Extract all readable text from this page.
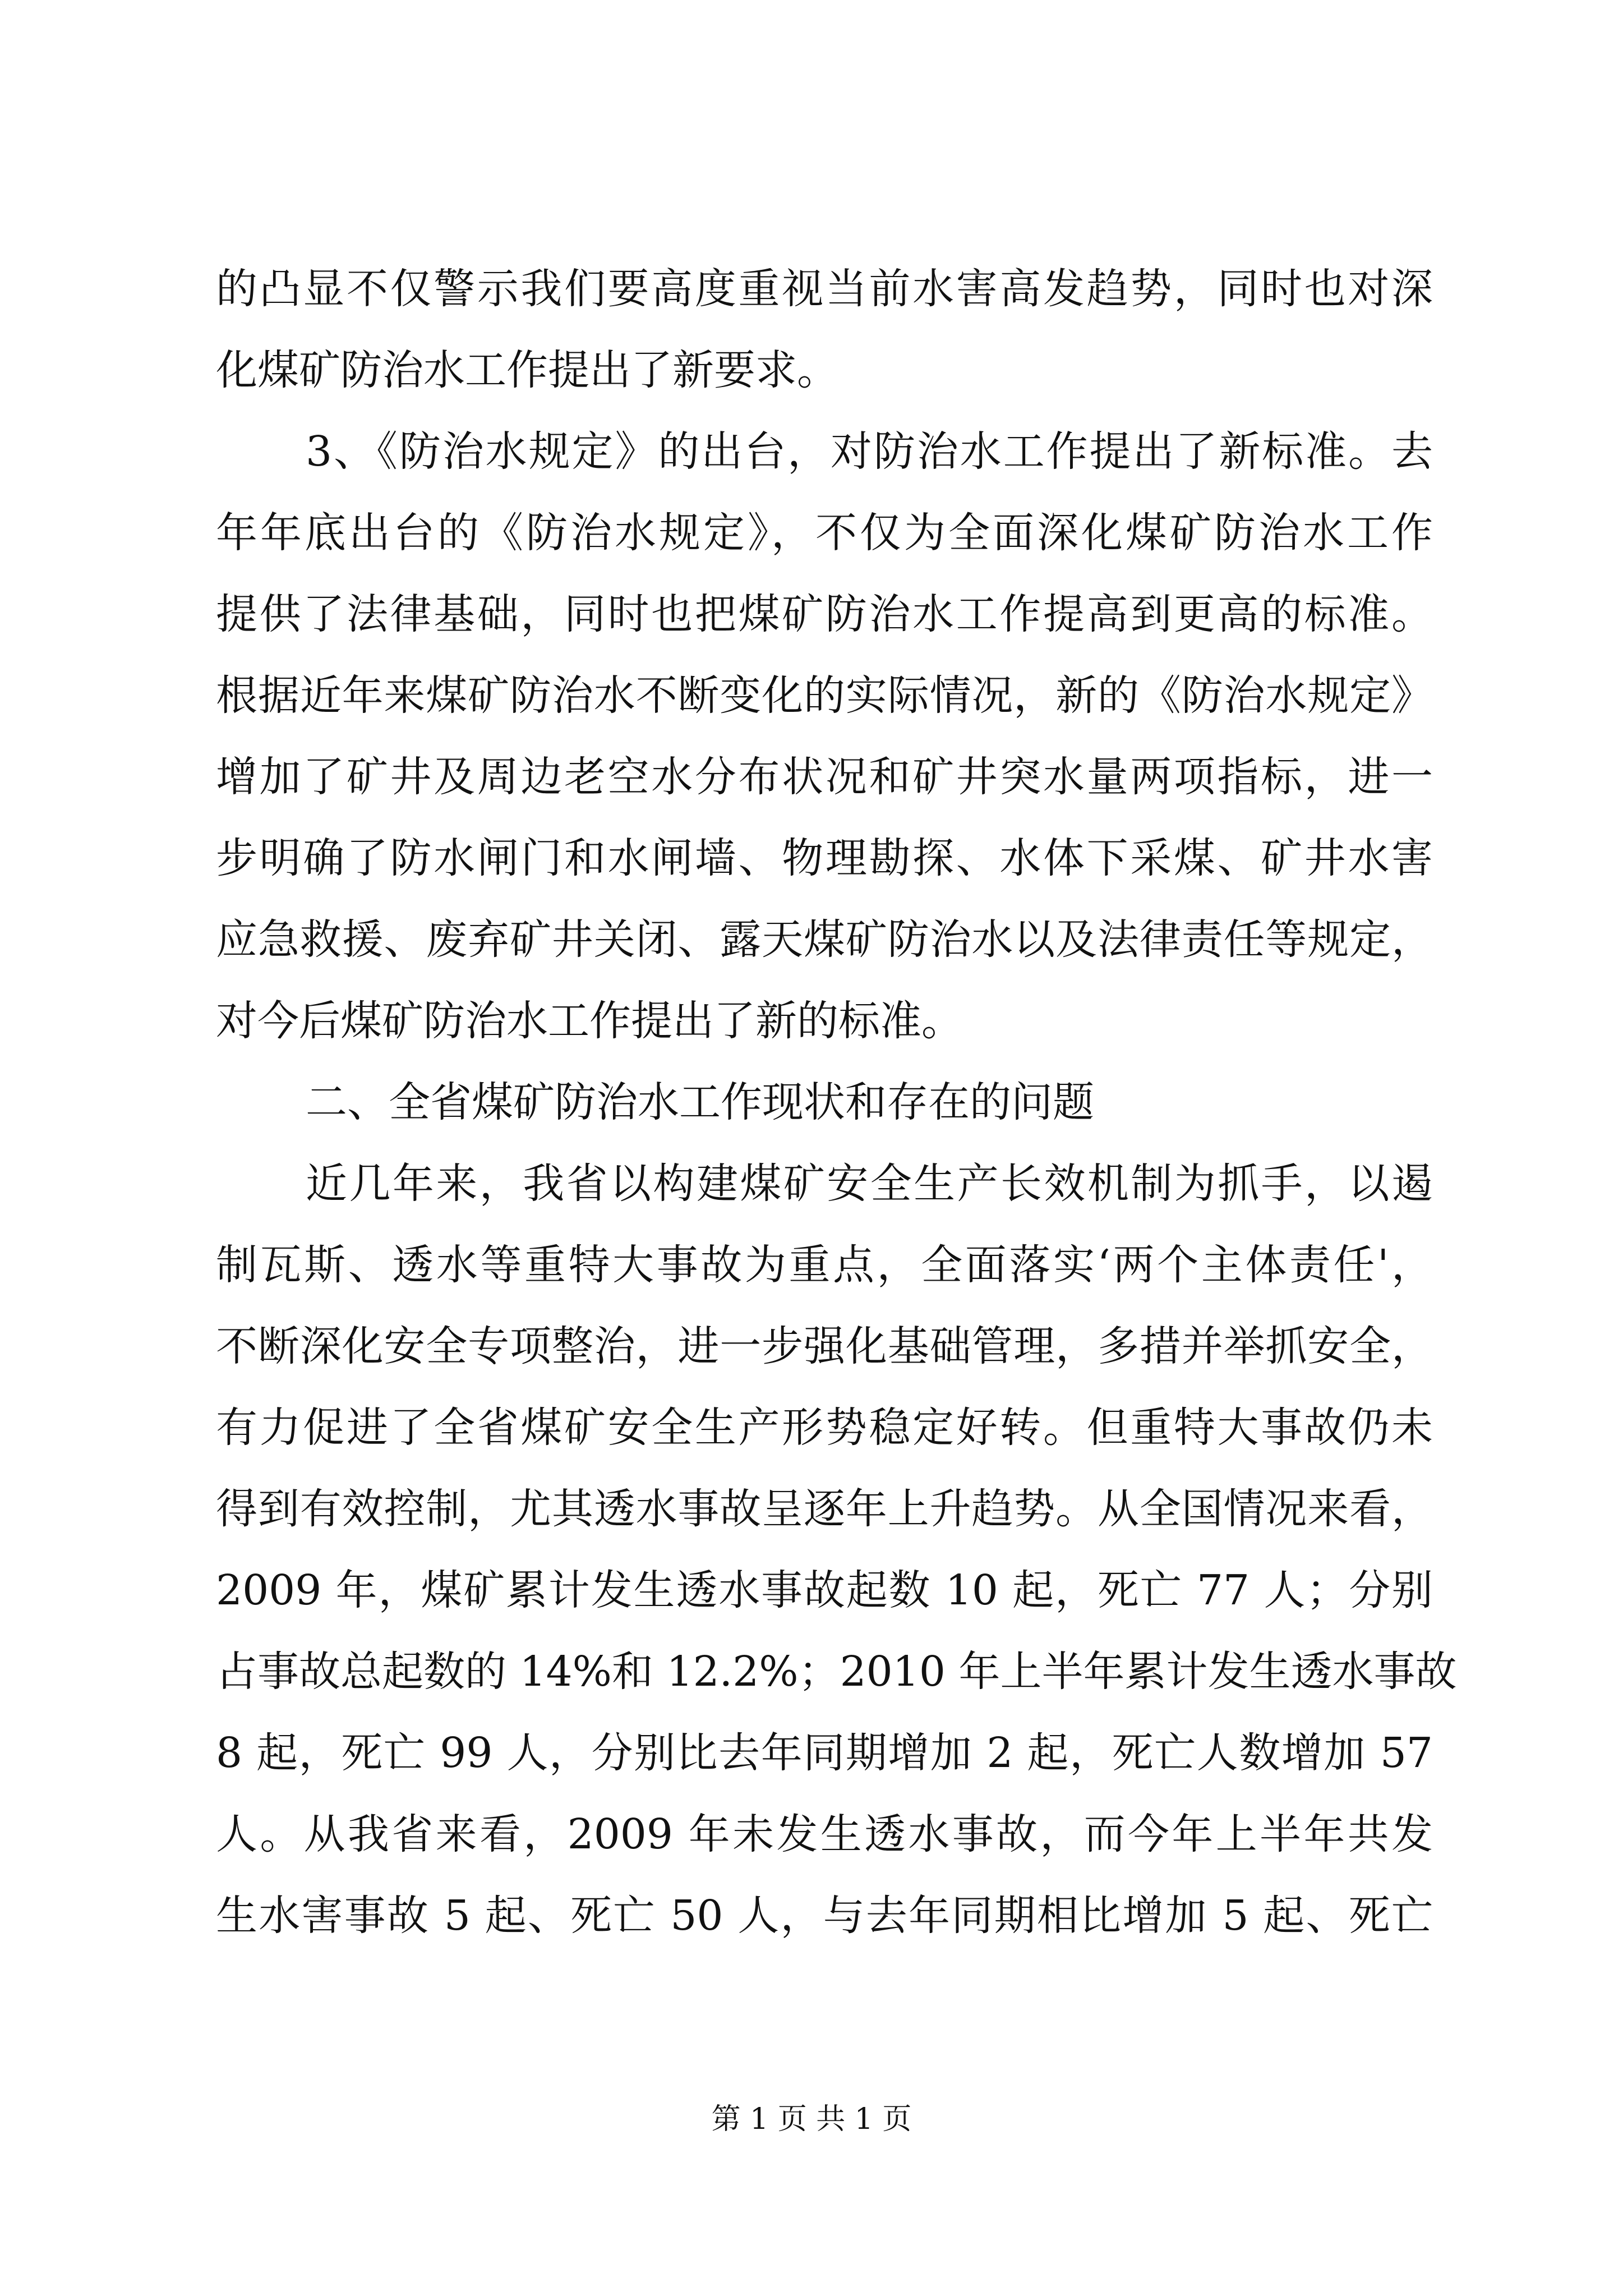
的凸显不仅警示我们要高度重视当前水害高发趋势，同时也对深
化煤矿防治水工作提出了新要求。
3、《防治水规定》的出台，对防治水工作提出了新标准。去
年年底出台的《防治水规定》，不仅为全面深化煤矿防治水工作
提供了法律基础，同时也把煤矿防治水工作提高到更高的标准。
根据近年来煤矿防治水不断变化的实际情况，新的《防治水规定》
增加了矿井及周边老空水分布状况和矿井突水量两项指标，进一
步明确了防水闸门和水闸墙、物理勘探、水体下采煤、矿井水害
应急救援、废弃矿井关闭、露天煤矿防治水以及法律责任等规定，
对今后煤矿防治水工作提出了新的标准。
二、全省煤矿防治水工作现状和存在的问题
近几年来，我省以构建煤矿安全生产长效机制为抓手，以遏
制瓦斯、透水等重特大事故为重点，全面落实‘两个主体责任'，
不断深化安全专项整治，进一步强化基础管理，多措并举抓安全，
有力促进了全省煤矿安全生产形势稳定好转。但重特大事故仍未
得到有效控制，尤其透水事故呈逐年上升趋势。从全国情况来看，
2009 年，煤矿累计发生透水事故起数 10 起，死亡 77 人；分别
占事故总起数的 14%和 12.2%；2010 年上半年累计发生透水事故
8 起，死亡 99 人，分别比去年同期增加 2 起，死亡人数增加 57
人。从我省来看，2009 年未发生透水事故，而今年上半年共发
生水害事故 5 起、死亡 50 人，与去年同期相比增加 5 起、死亡
第 1 页 共 1 页
